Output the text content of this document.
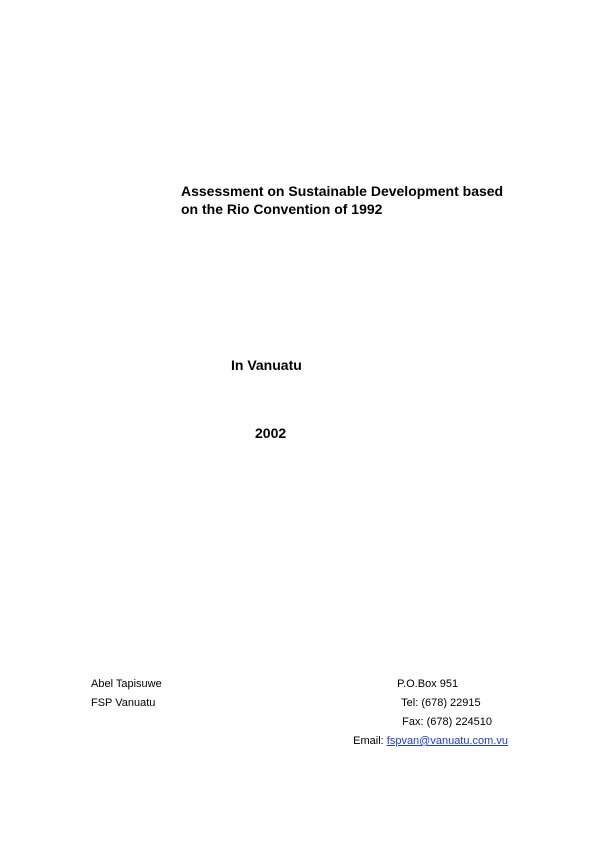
Assessment on Sustainable Development based
on the Rio Convention of 1992
In Vanuatu
2002
Abel Tapisuwe
FSP Vanuatu
P.O.Box 951
Tel: (678) 22915
Fax: (678) 224510
Email: fspvan@vanuatu.com.vu
